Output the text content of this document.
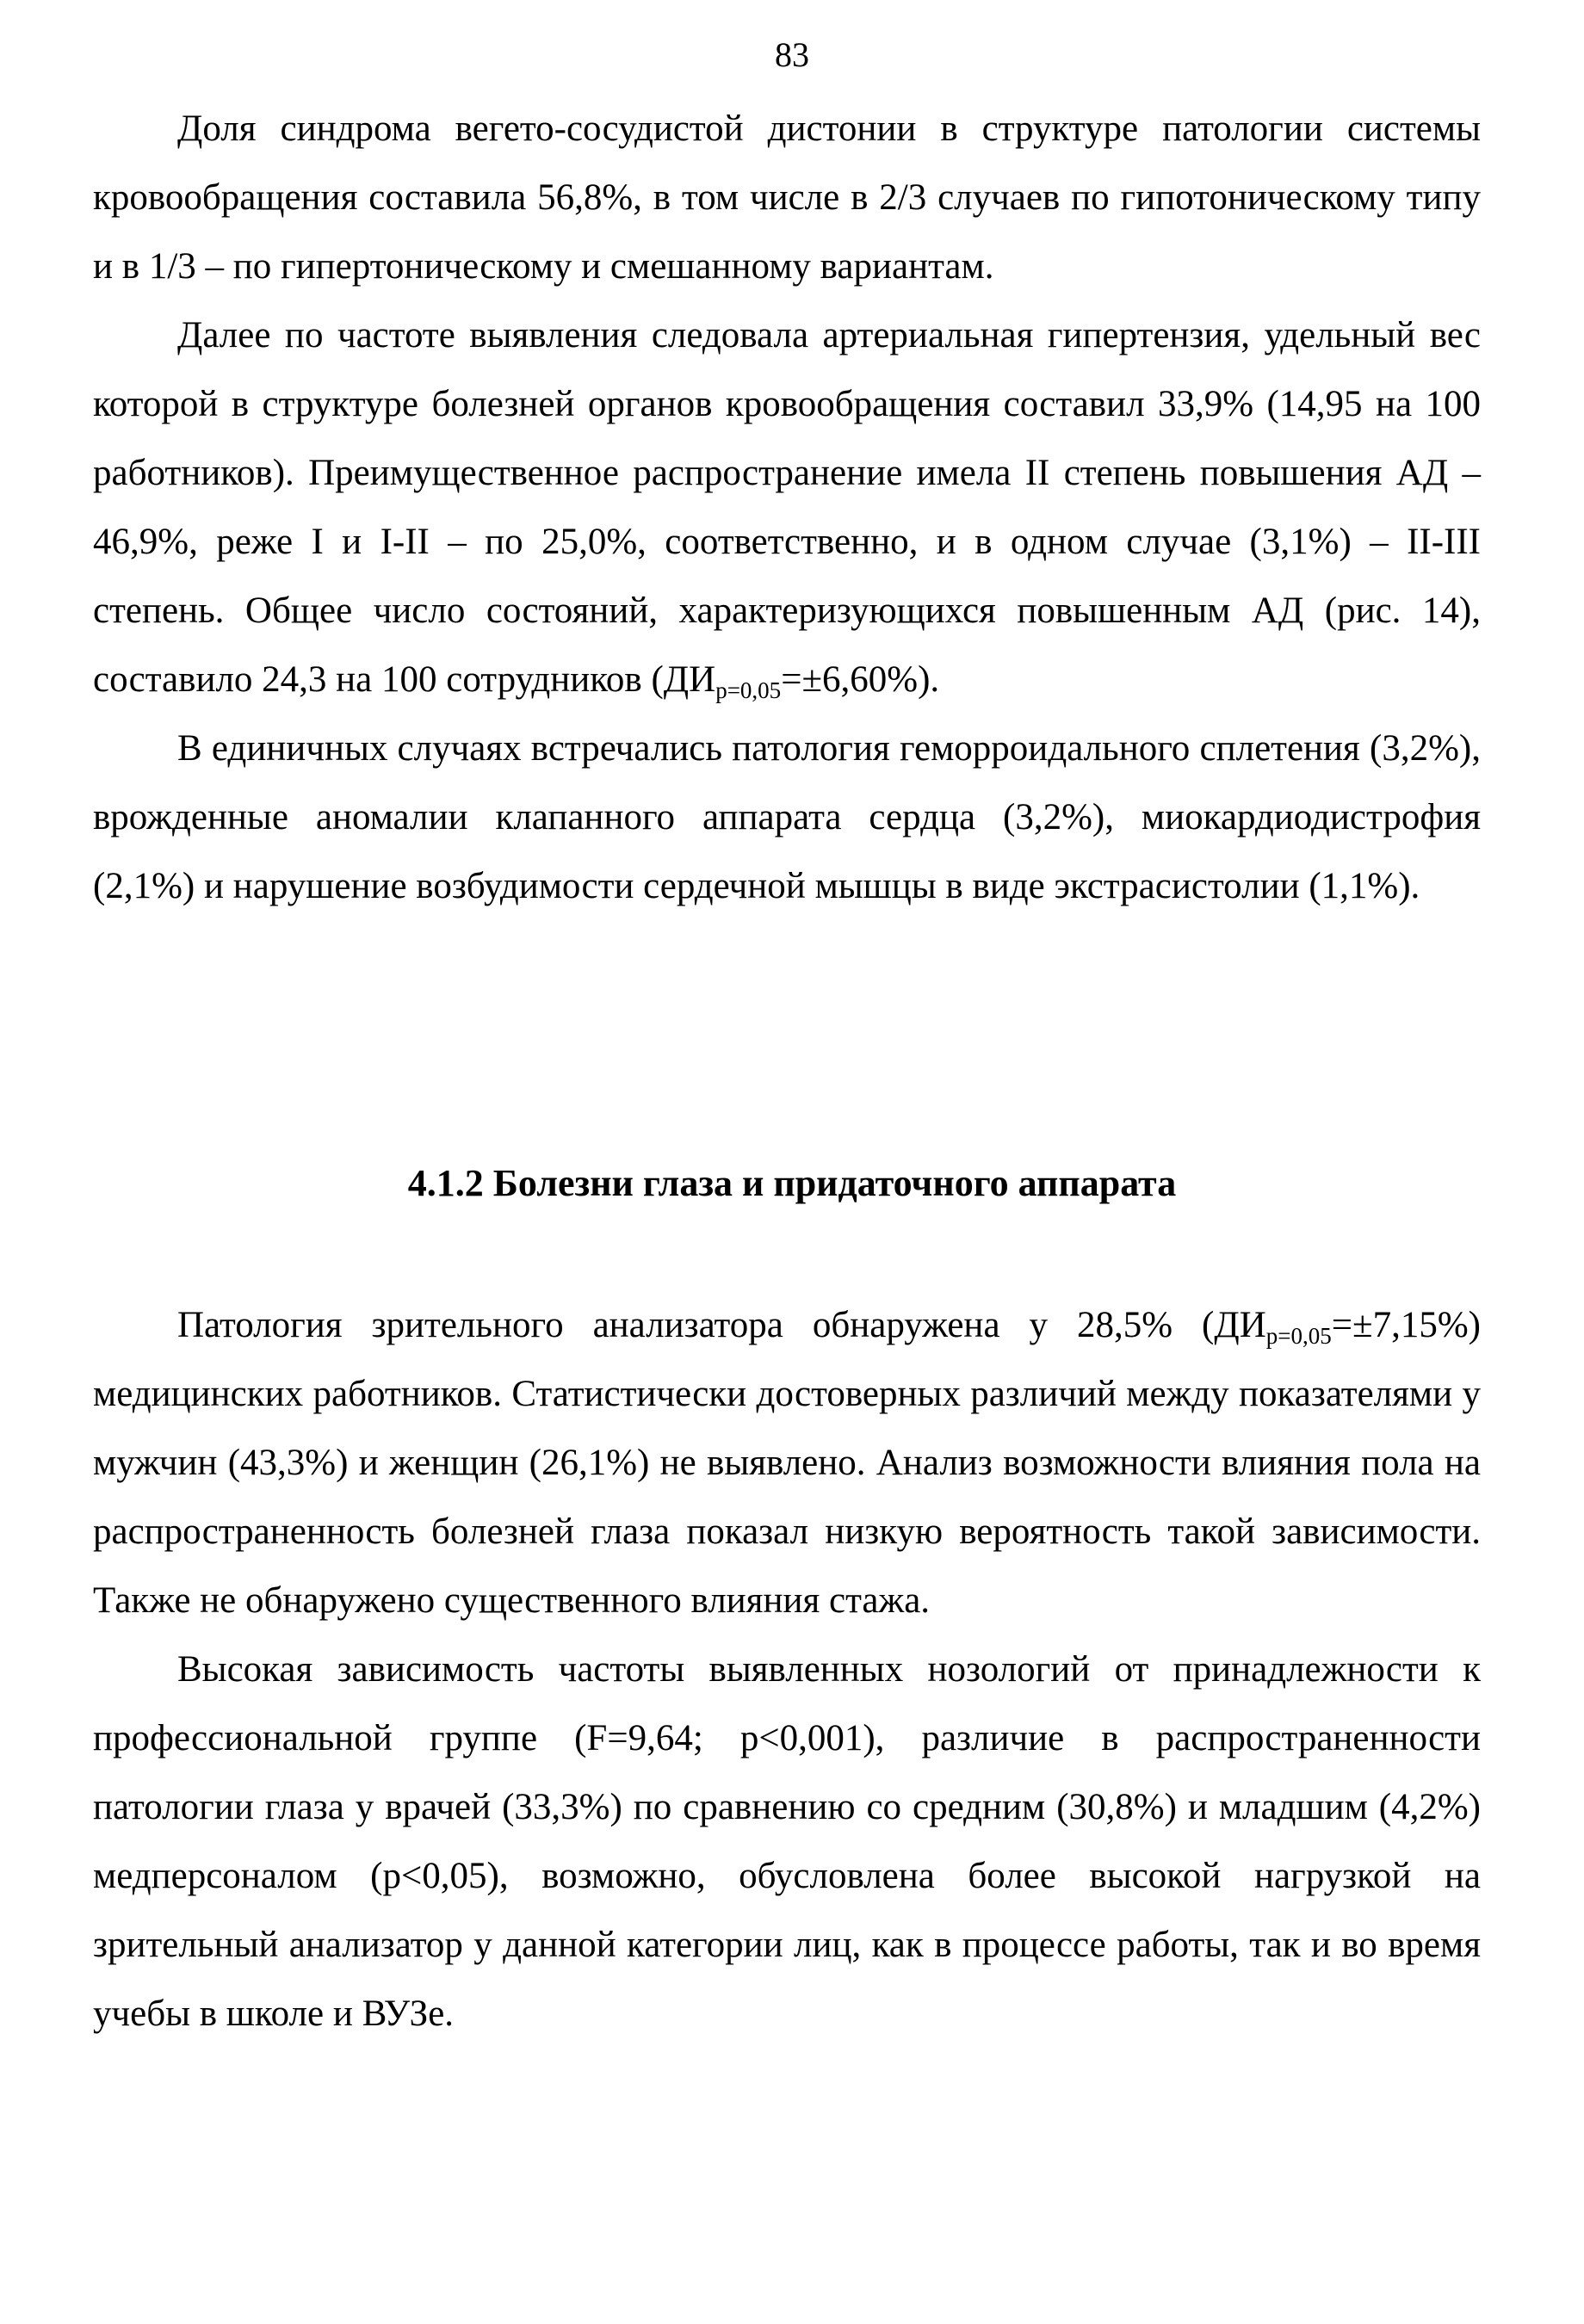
83

Доля синдрома вегето-сосудистой дистонии в структуре патологии системы кровообращения составила 56,8%, в том числе в 2/3 случаев по гипотоническому типу и в 1/3 – по гипертоническому и смешанному вариантам.

Далее по частоте выявления следовала артериальная гипертензия, удельный вес которой в структуре болезней органов кровообращения составил 33,9% (14,95 на 100 работников). Преимущественное распространение имела II степень повышения АД – 46,9%, реже I и I-II – по 25,0%, соответственно, и в одном случае (3,1%) – II-III степень. Общее число состояний, характеризующихся повышенным АД (рис. 14), составило 24,3 на 100 сотрудников $(ДИ_{p=0,05}=\pm 6,60\%)$.

В единичных случаях встречались патология геморроидального сплетения (3,2%), врожденные аномалии клапанного аппарата сердца (3,2%), миокардиодистрофия (2,1%) и нарушение возбудимости сердечной мышцы в виде экстрасистолии (1,1%).

4.1.2 Болезни глаза и придаточного аппарата

Патология зрительного анализатора обнаружена у 28,5% $(ДИ_{p=0,05}=\pm 7,15\%)$ медицинских работников. Статистически достоверных различий между показателями у мужчин (43,3%) и женщин (26,1%) не выявлено. Анализ возможности влияния пола на распространенность болезней глаза показал низкую вероятность такой зависимости. Также не обнаружено существенного влияния стажа.

Высокая зависимость частоты выявленных нозологий от принадлежности к профессиональной группе (F=9,64; p<0,001), различие в распространенности патологии глаза у врачей (33,3%) по сравнению со средним (30,8%) и младшим (4,2%) медперсоналом (p<0,05), возможно, обусловлена более высокой нагрузкой на зрительный анализатор у данной категории лиц, как в процессе работы, так и во время учебы в школе и ВУЗе.
